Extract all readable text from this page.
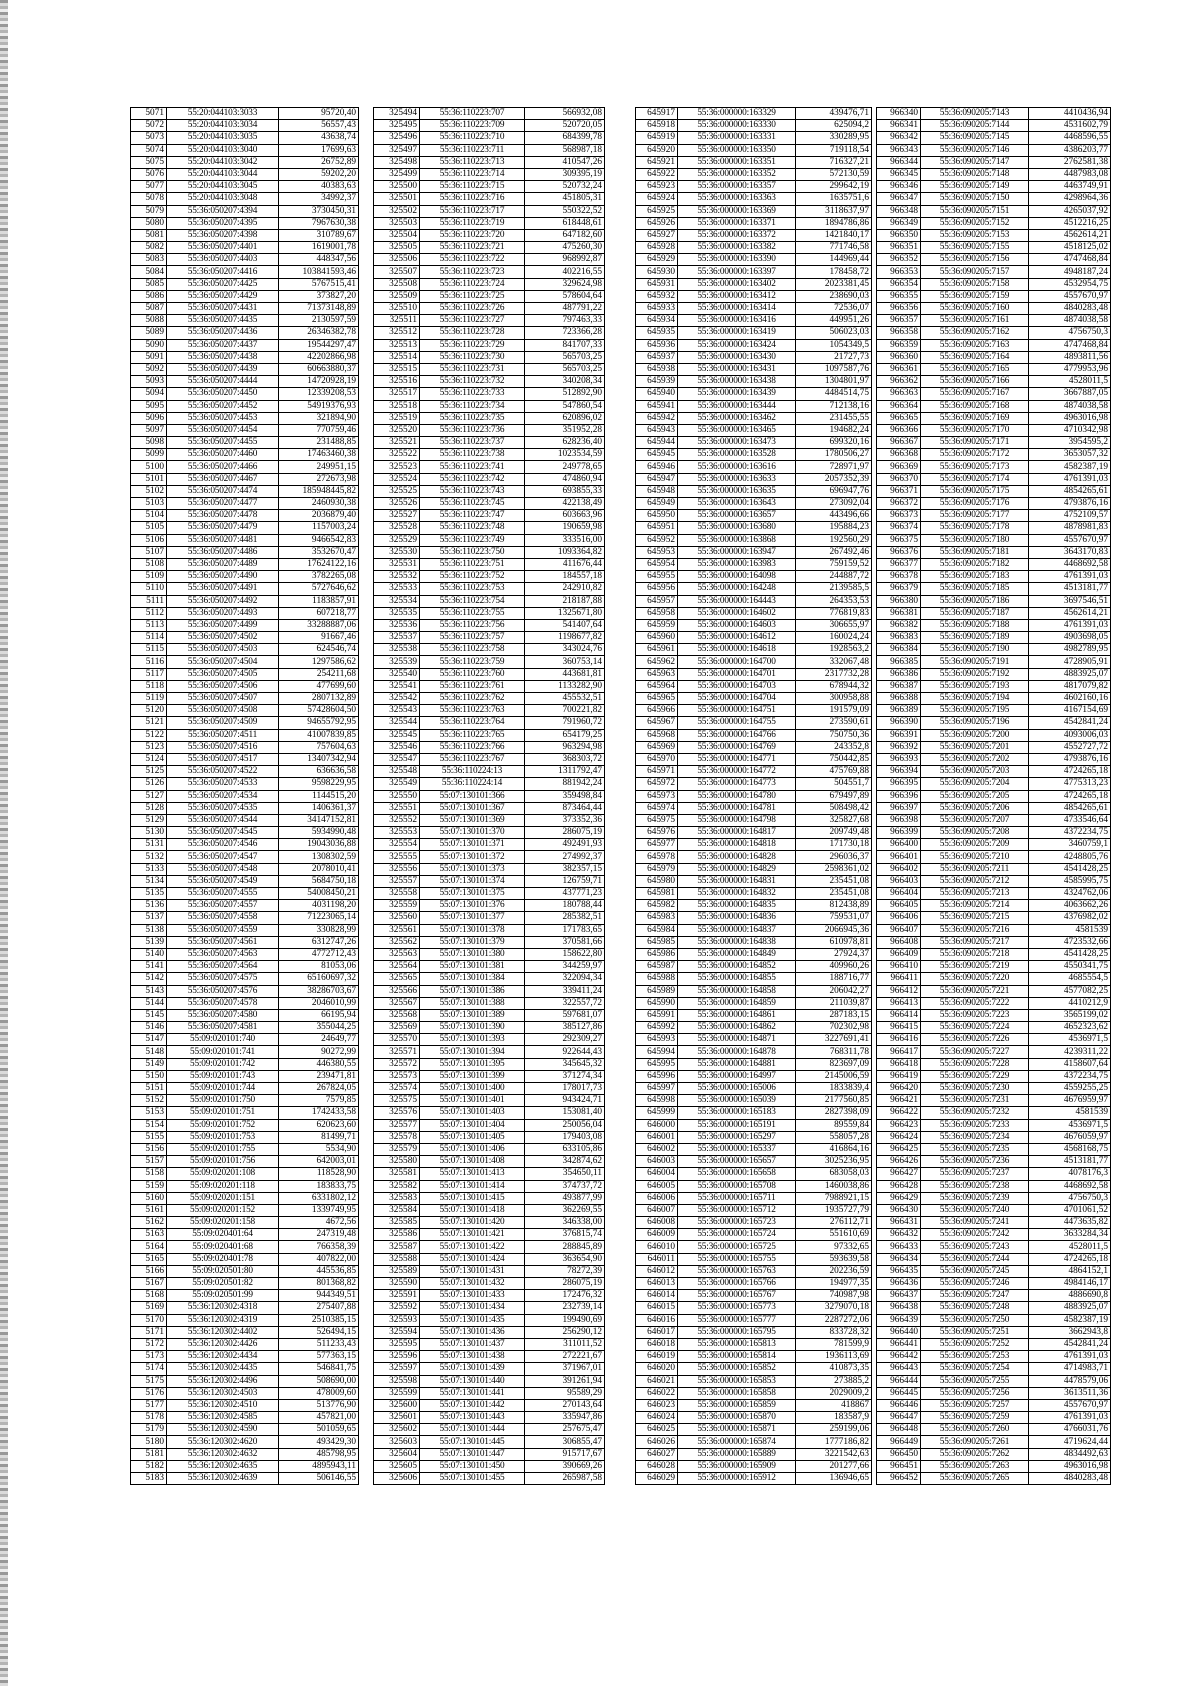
5071	55:20:044103:3033	95720,40
5072	55:20:044103:3034	56557,43
5073	55:20:044103:3035	43638,74
5074	55:20:044103:3040	17699,63
5075	55:20:044103:3042	26752,89
5076	55:20:044103:3044	59202,20
5077	55:20:044103:3045	40383,63
5078	55:20:044103:3048	34992,37
5079	55:36:050207:4394	3730450,31
5080	55:36:050207:4395	7967630,38
5081	55:36:050207:4398	310789,67
5082	55:36:050207:4401	1619001,78
5083	55:36:050207:4403	448347,56
5084	55:36:050207:4416	103841593,46
5085	55:36:050207:4425	5767515,41
5086	55:36:050207:4429	373827,20
5087	55:36:050207:4431	71373148,89
5088	55:36:050207:4435	2130597,59
5089	55:36:050207:4436	26346382,78
5090	55:36:050207:4437	19544297,47
5091	55:36:050207:4438	42202866,98
5092	55:36:050207:4439	60663880,37
5093	55:36:050207:4444	14720928,19
5094	55:36:050207:4450	12339208,53
5095	55:36:050207:4452	54919376,93
5096	55:36:050207:4453	321894,90
5097	55:36:050207:4454	770759,46
5098	55:36:050207:4455	231488,85
5099	55:36:050207:4460	17463460,38
5100	55:36:050207:4466	249951,15
5101	55:36:050207:4467	272673,98
5102	55:36:050207:4474	185948445,82
5103	55:36:050207:4477	2460930,38
5104	55:36:050207:4478	2036879,40
5105	55:36:050207:4479	1157003,24
5106	55:36:050207:4481	9466542,83
5107	55:36:050207:4486	3532670,47
5108	55:36:050207:4489	17624122,16
5109	55:36:050207:4490	3782265,08
5110	55:36:050207:4491	5727646,62
5111	55:36:050207:4492	1183857,91
5112	55:36:050207:4493	607218,77
5113	55:36:050207:4499	33288887,06
5114	55:36:050207:4502	91667,46
5115	55:36:050207:4503	624546,74
5116	55:36:050207:4504	1297586,62
5117	55:36:050207:4505	254211,68
5118	55:36:050207:4506	477699,60
5119	55:36:050207:4507	2807132,89
5120	55:36:050207:4508	57428604,50
5121	55:36:050207:4509	94655792,95
5122	55:36:050207:4511	41007839,85
5123	55:36:050207:4516	757604,63
5124	55:36:050207:4517	13407342,94
5125	55:36:050207:4522	636636,58
5126	55:36:050207:4533	9598229,95
5127	55:36:050207:4534	1144515,20
5128	55:36:050207:4535	1406361,37
5129	55:36:050207:4544	34147152,81
5130	55:36:050207:4545	5934990,48
5131	55:36:050207:4546	19043036,88
5132	55:36:050207:4547	1308302,59
5133	55:36:050207:4548	2078010,41
5134	55:36:050207:4549	5684750,18
5135	55:36:050207:4555	54008450,21
5136	55:36:050207:4557	4031198,20
5137	55:36:050207:4558	71223065,14
5138	55:36:050207:4559	330828,99
5139	55:36:050207:4561	6312747,26
5140	55:36:050207:4563	4772712,43
5141	55:36:050207:4564	81053,06
5142	55:36:050207:4575	65160697,32
5143	55:36:050207:4576	38286703,67
5144	55:36:050207:4578	2046010,99
5145	55:36:050207:4580	66195,94
5146	55:36:050207:4581	355044,25
5147	55:09:020101:740	24649,77
5148	55:09:020101:741	90272,99
5149	55:09:020101:742	446380,55
5150	55:09:020101:743	239471,81
5151	55:09:020101:744	267824,05
5152	55:09:020101:750	7579,85
5153	55:09:020101:751	1742433,58
5154	55:09:020101:752	620623,60
5155	55:09:020101:753	81499,71
5156	55:09:020101:755	5534,90
5157	55:09:020101:756	642003,01
5158	55:09:020201:108	118528,90
5159	55:09:020201:118	183833,75
5160	55:09:020201:151	6331802,12
5161	55:09:020201:152	1339749,95
5162	55:09:020201:158	4672,56
5163	55:09:020401:64	247319,48
5164	55:09:020401:68	766358,39
5165	55:09:020401:78	407822,00
5166	55:09:020501:80	445536,85
5167	55:09:020501:82	801368,82
5168	55:09:020501:99	944349,51
5169	55:36:120302:4318	275407,88
5170	55:36:120302:4319	2510385,15
5171	55:36:120302:4402	526494,15
5172	55:36:120302:4426	511233,43
5173	55:36:120302:4434	577363,15
5174	55:36:120302:4435	546841,75
5175	55:36:120302:4496	508690,00
5176	55:36:120302:4503	478009,60
5177	55:36:120302:4510	513776,90
5178	55:36:120302:4585	457821,00
5179	55:36:120302:4590	501059,65
5180	55:36:120302:4620	493429,30
5181	55:36:120302:4632	485798,95
5182	55:36:120302:4635	4895943,11
5183	55:36:120302:4639	506146,55
325494	55:36:110223:707	566932,08
325495	55:36:110223:709	520720,05
325496	55:36:110223:710	684399,78
325497	55:36:110223:711	568987,18
325498	55:36:110223:713	410547,26
325499	55:36:110223:714	309395,19
325500	55:36:110223:715	520732,24
325501	55:36:110223:716	451805,31
325502	55:36:110223:717	550322,52
325503	55:36:110223:719	618448,61
325504	55:36:110223:720	647182,60
325505	55:36:110223:721	475260,30
325506	55:36:110223:722	968992,87
325507	55:36:110223:723	402216,55
325508	55:36:110223:724	329624,98
325509	55:36:110223:725	578604,64
325510	55:36:110223:726	487791,22
325511	55:36:110223:727	797463,33
325512	55:36:110223:728	723366,28
325513	55:36:110223:729	841707,33
325514	55:36:110223:730	565703,25
325515	55:36:110223:731	565703,25
325516	55:36:110223:732	340208,34
325517	55:36:110223:733	512892,90
325518	55:36:110223:734	547860,54
325519	55:36:110223:735	620896,02
325520	55:36:110223:736	351952,28
325521	55:36:110223:737	628236,40
325522	55:36:110223:738	1023534,59
325523	55:36:110223:741	249778,65
325524	55:36:110223:742	474860,94
325525	55:36:110223:743	693855,33
325526	55:36:110223:745	422138,49
325527	55:36:110223:747	603663,96
325528	55:36:110223:748	190659,98
325529	55:36:110223:749	333516,00
325530	55:36:110223:750	1093364,82
325531	55:36:110223:751	411676,44
325532	55:36:110223:752	184557,18
325533	55:36:110223:753	242910,82
325534	55:36:110223:754	218187,88
325535	55:36:110223:755	1325671,80
325536	55:36:110223:756	541407,64
325537	55:36:110223:757	1198677,82
325538	55:36:110223:758	343024,76
325539	55:36:110223:759	360753,14
325540	55:36:110223:760	443681,81
325541	55:36:110223:761	1133282,90
325542	55:36:110223:762	455532,51
325543	55:36:110223:763	700221,82
325544	55:36:110223:764	791960,72
325545	55:36:110223:765	654179,25
325546	55:36:110223:766	963294,98
325547	55:36:110223:767	368303,72
325548	55:36:110224:13	1311792,47
325549	55:36:110224:14	881942,24
325550	55:07:130101:366	359498,84
325551	55:07:130101:367	873464,44
325552	55:07:130101:369	373352,36
325553	55:07:130101:370	286075,19
325554	55:07:130101:371	492491,93
325555	55:07:130101:372	274992,37
325556	55:07:130101:373	382357,15
325557	55:07:130101:374	126759,71
325558	55:07:130101:375	437771,23
325559	55:07:130101:376	180788,44
325560	55:07:130101:377	285382,51
325561	55:07:130101:378	171783,65
325562	55:07:130101:379	370581,66
325563	55:07:130101:380	158622,80
325564	55:07:130101:381	344259,97
325565	55:07:130101:384	322094,34
325566	55:07:130101:386	339411,24
325567	55:07:130101:388	322557,72
325568	55:07:130101:389	597681,07
325569	55:07:130101:390	385127,86
325570	55:07:130101:393	292309,27
325571	55:07:130101:394	922644,43
325572	55:07:130101:395	345645,32
325573	55:07:130101:399	371274,34
325574	55:07:130101:400	178017,73
325575	55:07:130101:401	943424,71
325576	55:07:130101:403	153081,40
325577	55:07:130101:404	250056,04
325578	55:07:130101:405	179403,08
325579	55:07:130101:406	633105,86
325580	55:07:130101:408	342874,62
325581	55:07:130101:413	354650,11
325582	55:07:130101:414	374737,72
325583	55:07:130101:415	493877,99
325584	55:07:130101:418	362269,55
325585	55:07:130101:420	346338,00
325586	55:07:130101:421	376815,74
325587	55:07:130101:422	288845,89
325588	55:07:130101:424	363654,90
325589	55:07:130101:431	78272,39
325590	55:07:130101:432	286075,19
325591	55:07:130101:433	172476,32
325592	55:07:130101:434	232739,14
325593	55:07:130101:435	199490,69
325594	55:07:130101:436	256290,12
325595	55:07:130101:437	311011,52
325596	55:07:130101:438	272221,67
325597	55:07:130101:439	371967,01
325598	55:07:130101:440	391261,94
325599	55:07:130101:441	95589,29
325600	55:07:130101:442	270143,64
325601	55:07:130101:443	335947,86
325602	55:07:130101:444	257675,47
325603	55:07:130101:445	306855,47
325604	55:07:130101:447	915717,67
325605	55:07:130101:450	390669,26
325606	55:07:130101:455	265987,58
645917	55:36:000000:163329	439476,71
645918	55:36:000000:163330	625094,2
645919	55:36:000000:163331	330289,95
645920	55:36:000000:163350	719118,54
645921	55:36:000000:163351	716327,21
645922	55:36:000000:163352	572130,59
645923	55:36:000000:163357	299642,19
645924	55:36:000000:163363	1635751,6
645925	55:36:000000:163369	3118637,97
645926	55:36:000000:163371	1894786,86
645927	55:36:000000:163372	1421840,17
645928	55:36:000000:163382	771746,58
645929	55:36:000000:163390	144969,44
645930	55:36:000000:163397	178458,72
645931	55:36:000000:163402	2023381,45
645932	55:36:000000:163412	238690,03
645933	55:36:000000:163414	72536,07
645934	55:36:000000:163416	449951,26
645935	55:36:000000:163419	506023,03
645936	55:36:000000:163424	1054349,5
645937	55:36:000000:163430	21727,73
645938	55:36:000000:163431	1097587,76
645939	55:36:000000:163438	1304801,97
645940	55:36:000000:163439	4484514,75
645941	55:36:000000:163444	712138,16
645942	55:36:000000:163462	231455,55
645943	55:36:000000:163465	194682,24
645944	55:36:000000:163473	699320,16
645945	55:36:000000:163528	1780506,27
645946	55:36:000000:163616	728971,97
645947	55:36:000000:163633	2057352,39
645948	55:36:000000:163635	696947,76
645949	55:36:000000:163643	273092,04
645950	55:36:000000:163657	443496,66
645951	55:36:000000:163680	195884,23
645952	55:36:000000:163868	192560,29
645953	55:36:000000:163947	267492,46
645954	55:36:000000:163983	759159,52
645955	55:36:000000:164098	244887,72
645956	55:36:000000:164248	2139585,5
645957	55:36:000000:164443	264353,53
645958	55:36:000000:164602	776819,83
645959	55:36:000000:164603	306655,97
645960	55:36:000000:164612	160024,24
645961	55:36:000000:164618	1928563,2
645962	55:36:000000:164700	332067,48
645963	55:36:000000:164701	2317732,28
645964	55:36:000000:164703	678944,32
645965	55:36:000000:164704	300958,88
645966	55:36:000000:164751	191579,09
645967	55:36:000000:164755	273590,61
645968	55:36:000000:164766	750750,36
645969	55:36:000000:164769	243352,8
645970	55:36:000000:164771	750442,85
645971	55:36:000000:164772	475769,88
645972	55:36:000000:164773	504551,7
645973	55:36:000000:164780	679497,89
645974	55:36:000000:164781	508498,42
645975	55:36:000000:164798	325827,68
645976	55:36:000000:164817	209749,48
645977	55:36:000000:164818	171730,18
645978	55:36:000000:164828	296036,37
645979	55:36:000000:164829	2598361,02
645980	55:36:000000:164831	235451,08
645981	55:36:000000:164832	235451,08
645982	55:36:000000:164835	812438,89
645983	55:36:000000:164836	759531,07
645984	55:36:000000:164837	2066945,36
645985	55:36:000000:164838	610978,81
645986	55:36:000000:164849	27924,37
645987	55:36:000000:164852	409960,26
645988	55:36:000000:164855	188716,77
645989	55:36:000000:164858	206042,27
645990	55:36:000000:164859	211039,87
645991	55:36:000000:164861	287183,15
645992	55:36:000000:164862	702302,98
645993	55:36:000000:164871	3227691,41
645994	55:36:000000:164878	768311,78
645995	55:36:000000:164881	823697,09
645996	55:36:000000:164997	2145006,59
645997	55:36:000000:165006	1833839,4
645998	55:36:000000:165039	2177560,85
645999	55:36:000000:165183	2827398,09
646000	55:36:000000:165191	89559,84
646001	55:36:000000:165297	558057,28
646002	55:36:000000:165337	416864,16
646003	55:36:000000:165657	3025236,95
646004	55:36:000000:165658	683058,03
646005	55:36:000000:165708	1460038,86
646006	55:36:000000:165711	7988921,15
646007	55:36:000000:165712	1935727,79
646008	55:36:000000:165723	276112,71
646009	55:36:000000:165724	551610,69
646010	55:36:000000:165725	97332,65
646011	55:36:000000:165755	593639,58
646012	55:36:000000:165763	202236,59
646013	55:36:000000:165766	194977,35
646014	55:36:000000:165767	740987,98
646015	55:36:000000:165773	3279070,18
646016	55:36:000000:165777	2287272,06
646017	55:36:000000:165795	833728,32
646018	55:36:000000:165813	781599,9
646019	55:36:000000:165814	1936113,69
646020	55:36:000000:165852	410873,35
646021	55:36:000000:165853	273885,2
646022	55:36:000000:165858	2029009,2
646023	55:36:000000:165859	418867
646024	55:36:000000:165870	183587,9
646025	55:36:000000:165871	259199,06
646026	55:36:000000:165874	1777186,82
646027	55:36:000000:165889	3221542,63
646028	55:36:000000:165909	201277,66
646029	55:36:000000:165912	136946,65
966340	55:36:090205:7143	4410436,94
966341	55:36:090205:7144	4531602,79
966342	55:36:090205:7145	4468596,55
966343	55:36:090205:7146	4386203,77
966344	55:36:090205:7147	2762581,38
966345	55:36:090205:7148	4487983,08
966346	55:36:090205:7149	4463749,91
966347	55:36:090205:7150	4298964,36
966348	55:36:090205:7151	4265037,92
966349	55:36:090205:7152	4512216,25
966350	55:36:090205:7153	4562614,21
966351	55:36:090205:7155	4518125,02
966352	55:36:090205:7156	4747468,84
966353	55:36:090205:7157	4948187,24
966354	55:36:090205:7158	4532954,75
966355	55:36:090205:7159	4557670,97
966356	55:36:090205:7160	4840283,48
966357	55:36:090205:7161	4874038,58
966358	55:36:090205:7162	4756750,3
966359	55:36:090205:7163	4747468,84
966360	55:36:090205:7164	4893811,56
966361	55:36:090205:7165	4779953,96
966362	55:36:090205:7166	4528011,5
966363	55:36:090205:7167	3667887,05
966364	55:36:090205:7168	4874038,58
966365	55:36:090205:7169	4963016,98
966366	55:36:090205:7170	4710342,98
966367	55:36:090205:7171	3954595,2
966368	55:36:090205:7172	3653057,32
966369	55:36:090205:7173	4582387,19
966370	55:36:090205:7174	4761391,03
966371	55:36:090205:7175	4854265,61
966372	55:36:090205:7176	4793876,16
966373	55:36:090205:7177	4752109,57
966374	55:36:090205:7178	4878981,83
966375	55:36:090205:7180	4557670,97
966376	55:36:090205:7181	3643170,83
966377	55:36:090205:7182	4468692,58
966378	55:36:090205:7183	4761391,03
966379	55:36:090205:7185	4513181,77
966380	55:36:090205:7186	3697546,51
966381	55:36:090205:7187	4562614,21
966382	55:36:090205:7188	4761391,03
966383	55:36:090205:7189	4903698,05
966384	55:36:090205:7190	4982789,95
966385	55:36:090205:7191	4728905,91
966386	55:36:090205:7192	4883925,07
966387	55:36:090205:7193	4817079,82
966388	55:36:090205:7194	4602160,16
966389	55:36:090205:7195	4167154,69
966390	55:36:090205:7196	4542841,24
966391	55:36:090205:7200	4093006,03
966392	55:36:090205:7201	4552727,72
966393	55:36:090205:7202	4793876,16
966394	55:36:090205:7203	4724265,18
966395	55:36:090205:7204	4775313,23
966396	55:36:090205:7205	4724265,18
966397	55:36:090205:7206	4854265,61
966398	55:36:090205:7207	4733546,64
966399	55:36:090205:7208	4372234,75
966400	55:36:090205:7209	3460759,1
966401	55:36:090205:7210	4248805,76
966402	55:36:090205:7211	4541428,25
966403	55:36:090205:7212	4585995,75
966404	55:36:090205:7213	4324762,06
966405	55:36:090205:7214	4063662,26
966406	55:36:090205:7215	4376982,02
966407	55:36:090205:7216	4581539
966408	55:36:090205:7217	4723532,66
966409	55:36:090205:7218	4541428,25
966410	55:36:090205:7219	4550341,75
966411	55:36:090205:7220	4685554,5
966412	55:36:090205:7221	4577082,25
966413	55:36:090205:7222	4410212,9
966414	55:36:090205:7223	3565199,02
966415	55:36:090205:7224	4652323,62
966416	55:36:090205:7226	4536971,5
966417	55:36:090205:7227	4239311,22
966418	55:36:090205:7228	4158607,64
966419	55:36:090205:7229	4372234,75
966420	55:36:090205:7230	4559255,25
966421	55:36:090205:7231	4676959,97
966422	55:36:090205:7232	4581539
966423	55:36:090205:7233	4536971,5
966424	55:36:090205:7234	4676059,97
966425	55:36:090205:7235	4568168,75
966426	55:36:090205:7236	4513181,77
966427	55:36:090205:7237	4078176,3
966428	55:36:090205:7238	4468692,58
966429	55:36:090205:7239	4756750,3
966430	55:36:090205:7240	4701061,52
966431	55:36:090205:7241	4473635,82
966432	55:36:090205:7242	3633284,34
966433	55:36:090205:7243	4528011,5
966434	55:36:090205:7244	4724265,18
966435	55:36:090205:7245	4864152,1
966436	55:36:090205:7246	4984146,17
966437	55:36:090205:7247	4886690,8
966438	55:36:090205:7248	4883925,07
966439	55:36:090205:7250	4582387,19
966440	55:36:090205:7251	3662943,8
966441	55:36:090205:7252	4542841,24
966442	55:36:090205:7253	4761391,03
966443	55:36:090205:7254	4714983,71
966444	55:36:090205:7255	4478579,06
966445	55:36:090205:7256	3613511,36
966446	55:36:090205:7257	4557670,97
966447	55:36:090205:7259	4761391,03
966448	55:36:090205:7260	4766031,76
966449	55:36:090205:7261	4719624,44
966450	55:36:090205:7262	4834492,63
966451	55:36:090205:7263	4963016,98
966452	55:36:090205:7265	4840283,48
